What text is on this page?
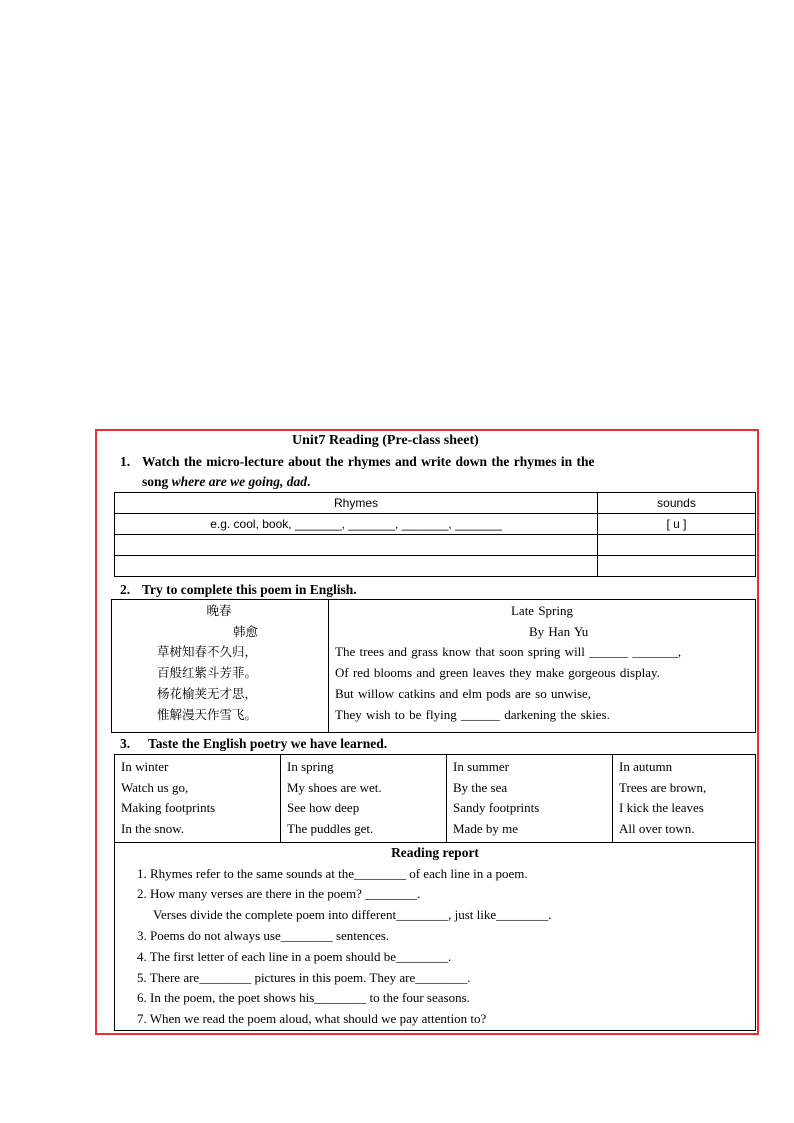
Unit7 Reading (Pre-class sheet)
1. Watch the micro-lecture about the rhymes and write down the rhymes in the
song where are we going, dad.
Rhymes	sounds
e.g. cool, book, _______, _______, _______, _______	[ u ]

2. Try to complete this poem in English.
晚春
韩愈
草树知春不久归，
百般红紫斗芳菲。
杨花榆荚无才思，
惟解漫天作雪飞。

Late Spring
By Han Yu
The trees and grass know that soon spring will ______ _______,
Of red blooms and green leaves they make gorgeous display.
But willow catkins and elm pods are so unwise,
They wish to be flying ______ darkening the skies.
3. Taste the English poetry we have learned.
In winter
Watch us go,
Making footprints
In the snow.

In spring
My shoes are wet.
See how deep
The puddles get.

In summer
By the sea
Sandy footprints
Made by me

In autumn
Trees are brown,
I kick the leaves
All over town.

Reading report
1. Rhymes refer to the same sounds at the________ of each line in a poem.
2. How many verses are there in the poem? ________.
Verses divide the complete poem into different________, just like________.
3. Poems do not always use________ sentences.
4. The first letter of each line in a poem should be________.
5. There are________ pictures in this poem. They are________.
6. In the poem, the poet shows his________ to the four seasons.
7. When we read the poem aloud, what should we pay attention to?
